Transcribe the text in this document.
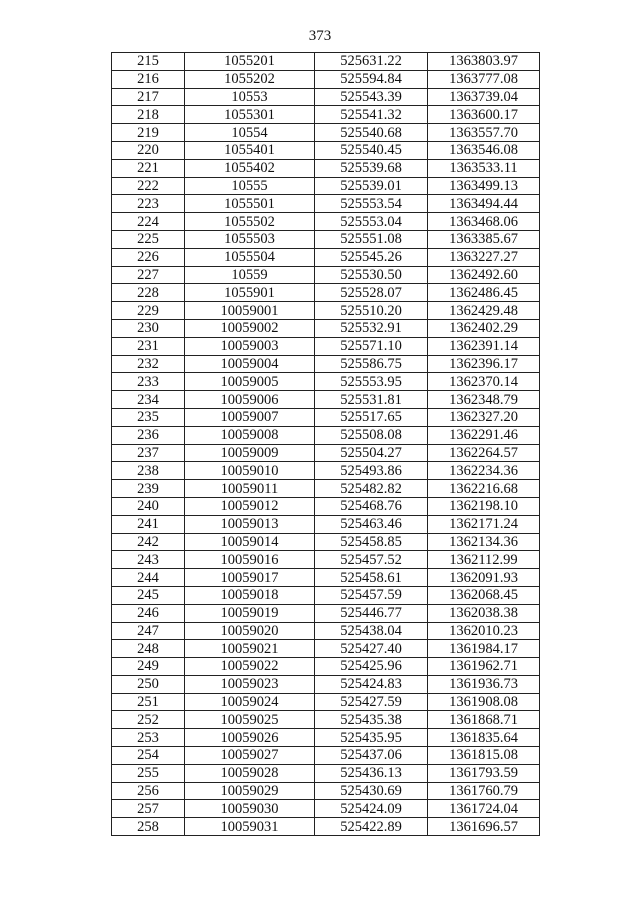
373
215	1055201	525631.22	1363803.97
216	1055202	525594.84	1363777.08
217	10553	525543.39	1363739.04
218	1055301	525541.32	1363600.17
219	10554	525540.68	1363557.70
220	1055401	525540.45	1363546.08
221	1055402	525539.68	1363533.11
222	10555	525539.01	1363499.13
223	1055501	525553.54	1363494.44
224	1055502	525553.04	1363468.06
225	1055503	525551.08	1363385.67
226	1055504	525545.26	1363227.27
227	10559	525530.50	1362492.60
228	1055901	525528.07	1362486.45
229	10059001	525510.20	1362429.48
230	10059002	525532.91	1362402.29
231	10059003	525571.10	1362391.14
232	10059004	525586.75	1362396.17
233	10059005	525553.95	1362370.14
234	10059006	525531.81	1362348.79
235	10059007	525517.65	1362327.20
236	10059008	525508.08	1362291.46
237	10059009	525504.27	1362264.57
238	10059010	525493.86	1362234.36
239	10059011	525482.82	1362216.68
240	10059012	525468.76	1362198.10
241	10059013	525463.46	1362171.24
242	10059014	525458.85	1362134.36
243	10059016	525457.52	1362112.99
244	10059017	525458.61	1362091.93
245	10059018	525457.59	1362068.45
246	10059019	525446.77	1362038.38
247	10059020	525438.04	1362010.23
248	10059021	525427.40	1361984.17
249	10059022	525425.96	1361962.71
250	10059023	525424.83	1361936.73
251	10059024	525427.59	1361908.08
252	10059025	525435.38	1361868.71
253	10059026	525435.95	1361835.64
254	10059027	525437.06	1361815.08
255	10059028	525436.13	1361793.59
256	10059029	525430.69	1361760.79
257	10059030	525424.09	1361724.04
258	10059031	525422.89	1361696.57
